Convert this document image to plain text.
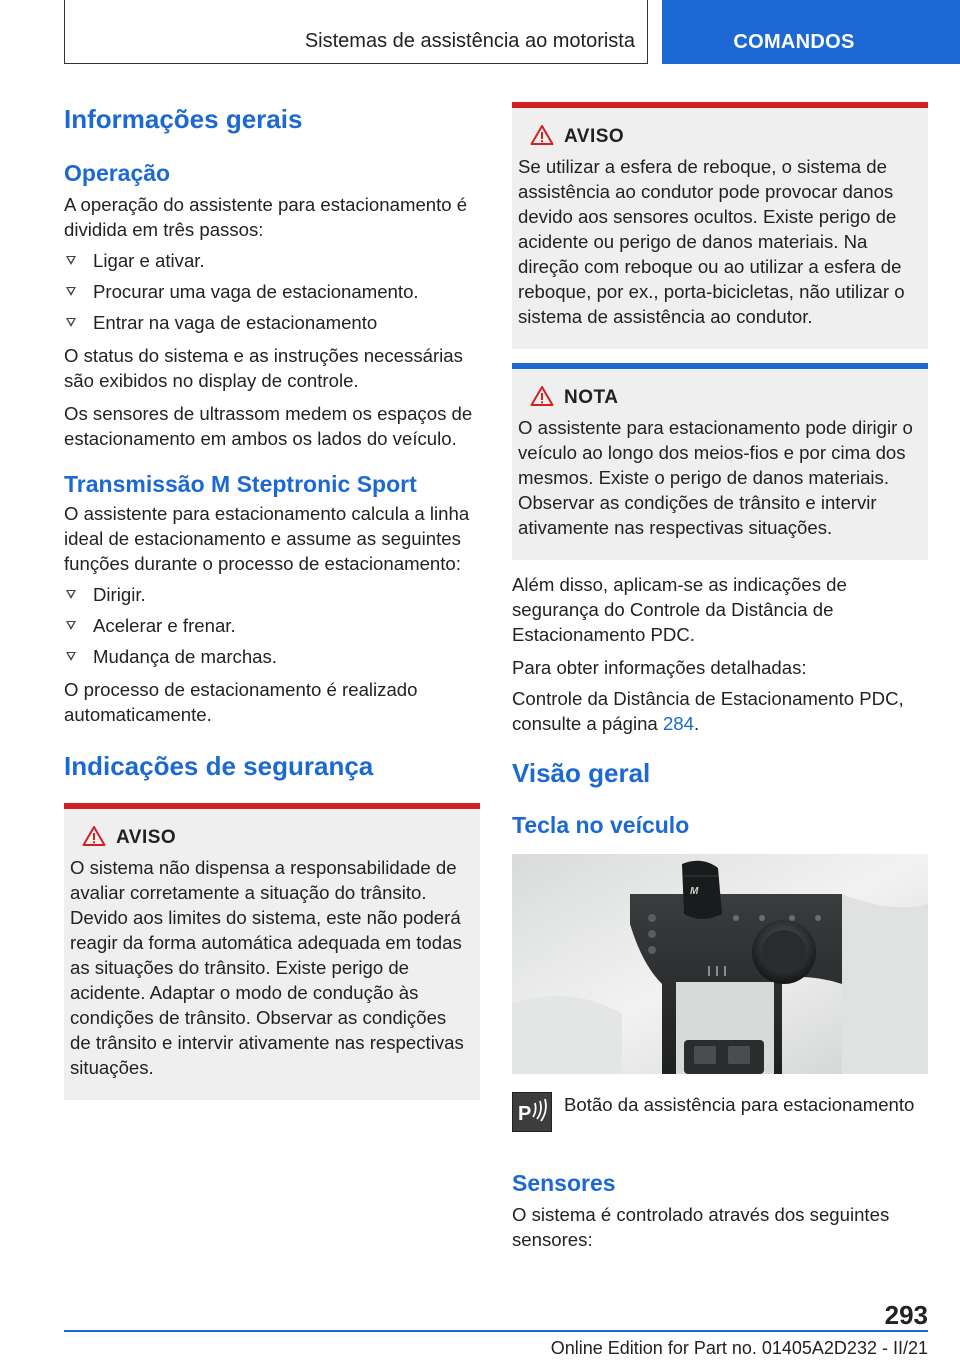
Sistemas de assistência ao motorista	COMANDOS
Informações gerais
Operação

A operação do assistente para estacionamento é dividida em três passos:

Ligar e ativar.
Procurar uma vaga de estacionamento.
Entrar na vaga de estacionamento

O status do sistema e as instruções necessárias são exibidos no display de controle.

Os sensores de ultrassom medem os espaços de estacionamento em ambos os lados do veículo.

Transmissão M Steptronic Sport

O assistente para estacionamento calcula a linha ideal de estacionamento e assume as seguintes funções durante o processo de estacionamento:

Dirigir.
Acelerar e frenar.
Mudança de marchas.

O processo de estacionamento é realizado automaticamente.

Indicações de segurança
AVISO

O sistema não dispensa a responsabilidade de avaliar corretamente a situação do trânsito. Devido aos limites do sistema, este não poderá reagir da forma automática adequada em todas as situações do trânsito. Existe perigo de acidente. Adaptar o modo de condução às condições de trânsito. Observar as condições de trânsito e intervir ativamente nas respectivas situações.

AVISO

Se utilizar a esfera de reboque, o sistema de assistência ao condutor pode provocar danos devido aos sensores ocultos. Existe perigo de acidente ou perigo de danos materiais. Na direção com reboque ou ao utilizar a esfera de reboque, por ex., porta-bicicletas, não utilizar o sistema de assistência ao condutor.

NOTA

O assistente para estacionamento pode dirigir o veículo ao longo dos meios-fios e por cima dos mesmos. Existe o perigo de danos materiais. Observar as condições de trânsito e intervir ativamente nas respectivas situações.

Além disso, aplicam-se as indicações de segurança do Controle da Distância de Estacionamento PDC.

Para obter informações detalhadas:

Controle da Distância de Estacionamento PDC, consulte a página 284.

Visão geral
Tecla no veículo
M
P Botão da assistência para estacionamento
Sensores

O sistema é controlado através dos seguintes sensores:

293
Online Edition for Part no. 01405A2D232 - II/21
